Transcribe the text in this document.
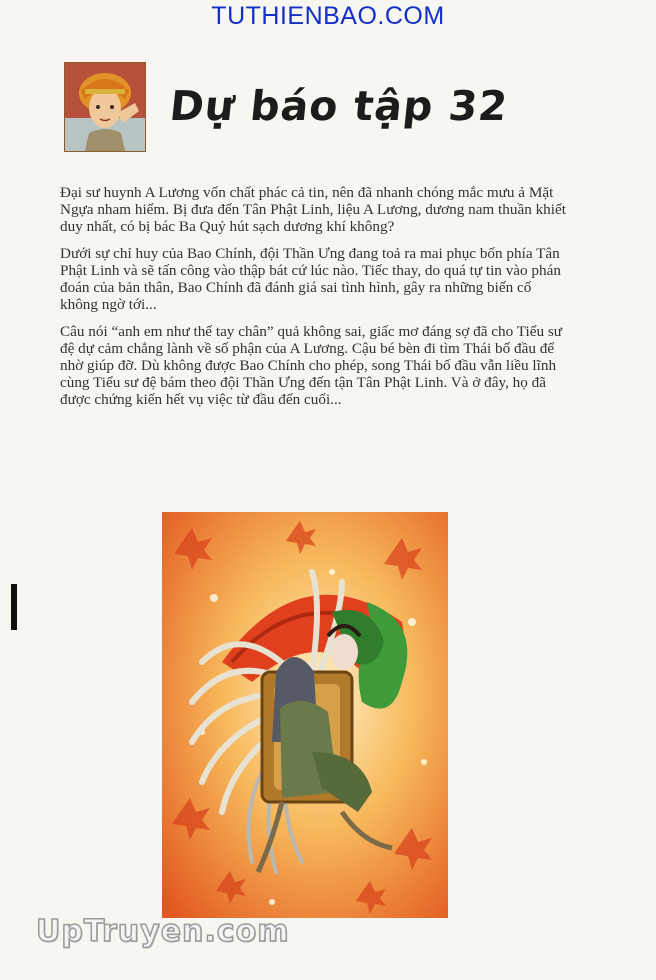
TUTHIENBAO.COM
Dự báo tập 32

Đại sư huynh A Lương vốn chất phác cả tin, nên đã nhanh chóng mắc mưu ả Mặt Ngựa nham hiểm. Bị đưa đến Tân Phật Linh, liệu A Lương, dương nam thuần khiết duy nhất, có bị bác Ba Quỷ hút sạch dương khí không?

Dưới sự chỉ huy của Bao Chính, đội Thần Ưng đang toả ra mai phục bốn phía Tân Phật Linh và sẽ tấn công vào thập bát cứ lúc nào. Tiếc thay, do quá tự tin vào phán đoán của bản thân, Bao Chính đã đánh giá sai tình hình, gây ra những biến cố không ngờ tới...

Câu nói “anh em như thể tay chân” quả không sai, giấc mơ đáng sợ đã cho Tiểu sư đệ dự cảm chẳng lành về số phận của A Lương. Cậu bé bèn đi tìm Thái bố đầu để nhờ giúp đỡ. Dù không được Bao Chính cho phép, song Thái bố đầu vẫn liều lĩnh cùng Tiểu sư đệ bám theo đội Thần Ưng đến tận Tân Phật Linh. Và ở đây, họ đã được chứng kiến hết vụ việc từ đầu đến cuối...

UpTruyen.com
